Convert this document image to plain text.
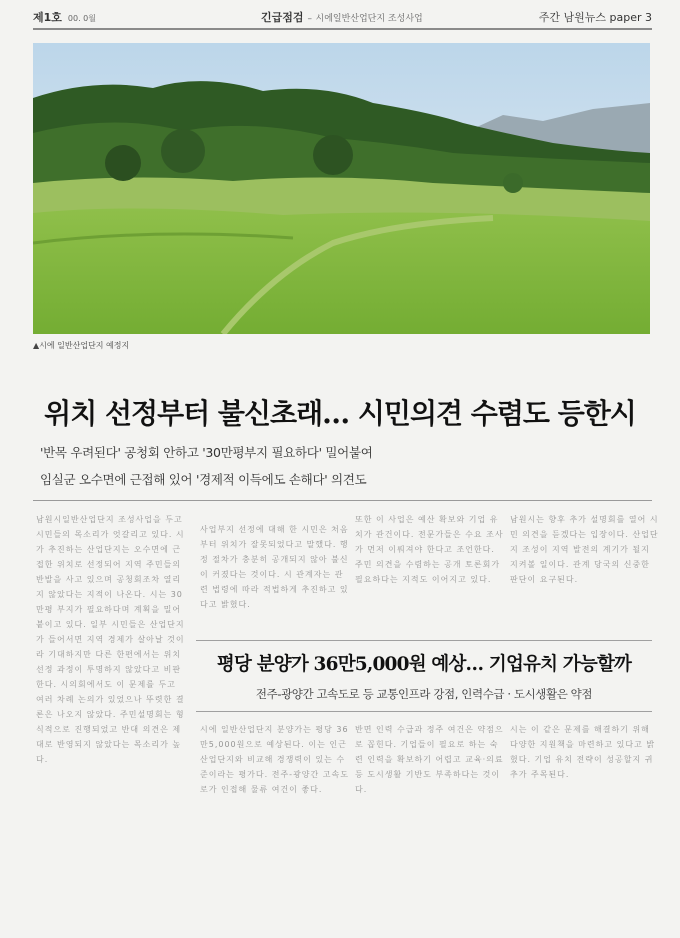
제1호 00. 0월	긴급점검 – 시에일반산업단지 조성사업	주간 남원뉴스 paper 3
▲시에 일반산업단지 예정지
위치 선정부터 불신초래… 시민의견 수렴도 등한시
'반목 우려된다' 공청회 안하고 '30만평부지 필요하다' 밀어붙여
임실군 오수면에 근접해 있어 '경제적 이득에도 손해다' 의견도

남원시일반산업단지 조성사업을 두고 시민들의 목소리가 엇갈리고 있다. 시가 추진하는 산업단지는 오수면에 근접한 위치로 선정되어 지역 주민들의 반발을 사고 있으며 공청회조차 열리지 않았다는 지적이 나온다. 시는 30만평 부지가 필요하다며 계획을 밀어붙이고 있다. 일부 시민들은 산업단지가 들어서면 지역 경제가 살아날 것이라 기대하지만 다른 한편에서는 위치 선정 과정이 투명하지 않았다고 비판한다. 시의회에서도 이 문제를 두고 여러 차례 논의가 있었으나 뚜렷한 결론은 나오지 않았다. 주민설명회는 형식적으로 진행되었고 반대 의견은 제대로 반영되지 않았다는 목소리가 높다.

사업부지 선정에 대해 한 시민은 처음부터 위치가 잘못되었다고 말했다. 행정 절차가 충분히 공개되지 않아 불신이 커졌다는 것이다. 시 관계자는 관련 법령에 따라 적법하게 추진하고 있다고 밝혔다.

또한 이 사업은 예산 확보와 기업 유치가 관건이다. 전문가들은 수요 조사가 먼저 이뤄져야 한다고 조언한다. 주민 의견을 수렴하는 공개 토론회가 필요하다는 지적도 이어지고 있다.

남원시는 향후 추가 설명회를 열어 시민 의견을 듣겠다는 입장이다. 산업단지 조성이 지역 발전의 계기가 될지 지켜볼 일이다. 관계 당국의 신중한 판단이 요구된다.

평당 분양가 36만5,000원 예상… 기업유치 가능할까
전주-광양간 고속도로 등 교통인프라 강점, 인력수급 · 도시생활은 약점

시에 일반산업단지 분양가는 평당 36만5,000원으로 예상된다. 이는 인근 산업단지와 비교해 경쟁력이 있는 수준이라는 평가다. 전주-광양간 고속도로가 인접해 물류 여건이 좋다.

반면 인력 수급과 정주 여건은 약점으로 꼽힌다. 기업들이 필요로 하는 숙련 인력을 확보하기 어렵고 교육·의료 등 도시생활 기반도 부족하다는 것이다.

시는 이 같은 문제를 해결하기 위해 다양한 지원책을 마련하고 있다고 밝혔다. 기업 유치 전략이 성공할지 귀추가 주목된다.
